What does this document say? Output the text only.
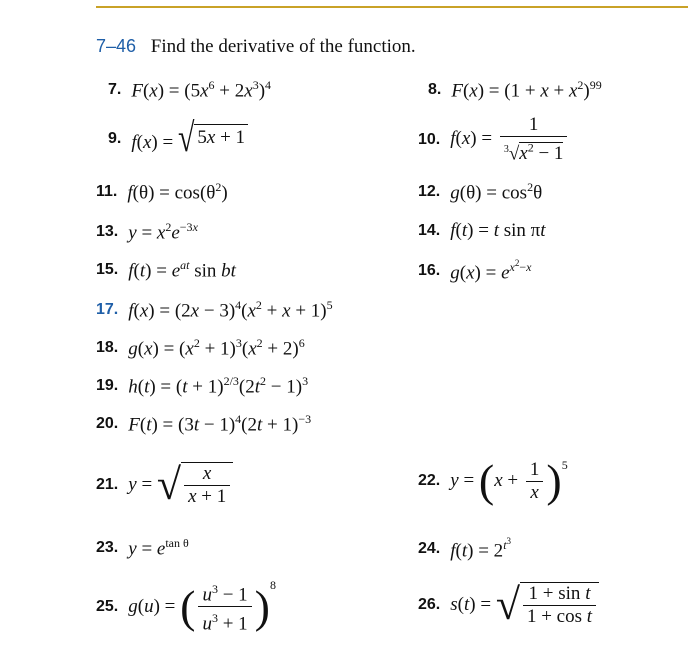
7–46 Find the derivative of the function.
7. $F(x) = (5x^6 + 2x^3)^4$	8. $F(x) = (1 + x + x^2)^{99}$
9. f(x) = √ 5x + 1	10. $f(x) = \frac{1}{^3√x^2 - 1}$
11. $f(\theta) = \cos(\theta^2)$	12. $g(\theta) = \cos^2\theta$
13. $y = x^2e^{-3x}$	14. f(t) = t sin πt
15. $f(t) = e^{at}$ sin bt	16. $g(x) = e^{x^2-x}$
17. $f(x) = (2x - 3)^4(x^2 + x + 1)^5$
18. $g(x) = (x^2 + 1)^3(x^2 + 2)^6$
19. $h(t) = (t + 1)^{2/3}(2t^2 - 1)^3$
20. $F(t) = (3t - 1)^4(2t + 1)^{-3}$
21. y = √ $\frac{x}{x + 1}$	22. y = ( $x + \frac{1}{x} )^5$
23. $y = e^{tan \theta}$	24. $f(t) = 2^{t^3}$
25. g ( u ) = ( $\frac{u^3 - 1}{u^3 + 1} )^8$
26. s ( t ) = √ $\frac{\text{1 + sin t}}{\text{1 + cos t}}$
